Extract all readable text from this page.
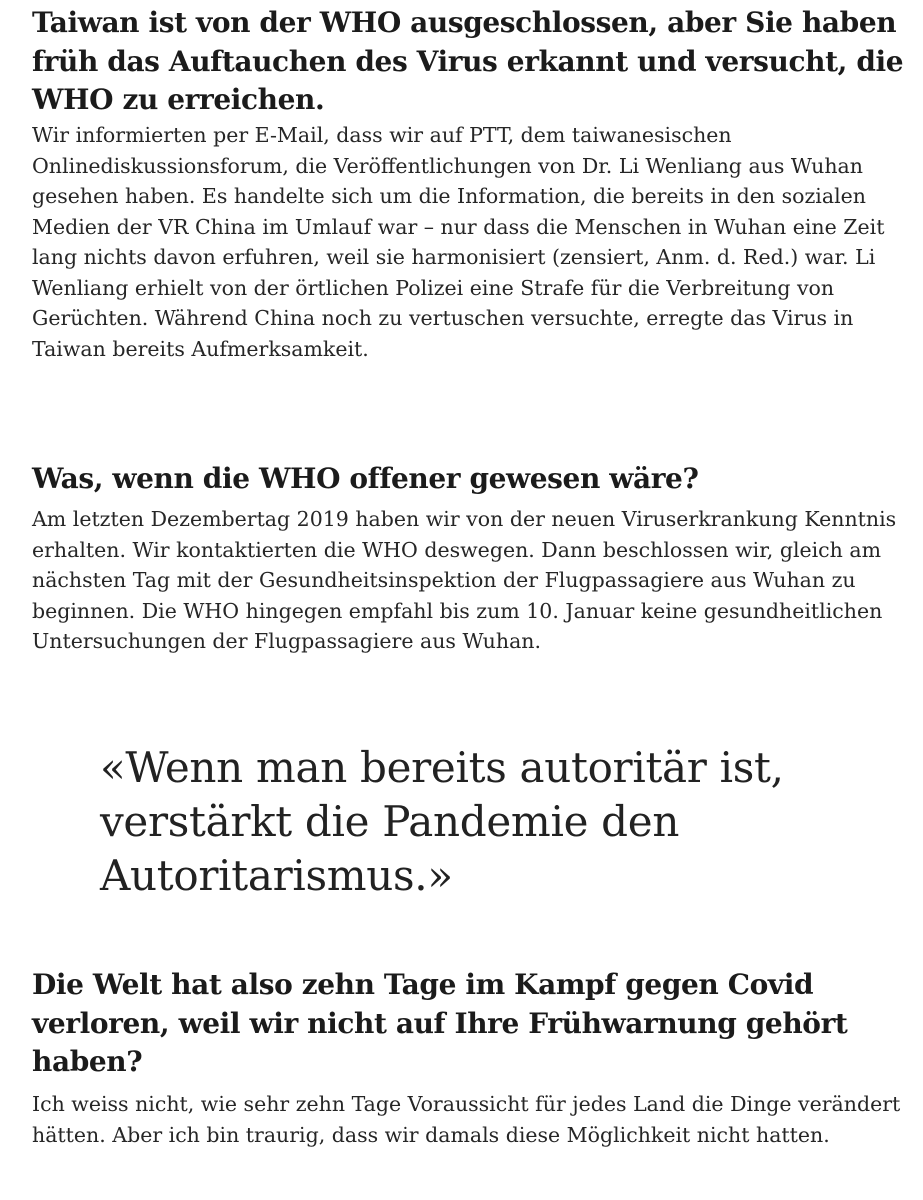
Taiwan ist von der WHO ausgeschlossen, aber Sie haben früh das Auftauchen des Virus erkannt und versucht, die WHO zu erreichen.

Wir informierten per E-Mail, dass wir auf PTT, dem taiwanesischen Onlinediskussionsforum, die Veröffentlichungen von Dr. Li Wenliang aus Wuhan gesehen haben. Es handelte sich um die Information, die bereits in den sozialen Medien der VR China im Umlauf war – nur dass die Menschen in Wuhan eine Zeit lang nichts davon erfuhren, weil sie harmonisiert (zensiert, Anm. d. Red.) war. Li Wenliang erhielt von der örtlichen Polizei eine Strafe für die Verbreitung von Gerüchten. Während China noch zu vertuschen versuchte, erregte das Virus in Taiwan bereits Aufmerksamkeit.

Was, wenn die WHO offener gewesen wäre?

Am letzten Dezembertag 2019 haben wir von der neuen Viruserkrankung Kenntnis erhalten. Wir kontaktierten die WHO deswegen. Dann beschlossen wir, gleich am nächsten Tag mit der Gesundheitsinspektion der Flugpassagiere aus Wuhan zu beginnen. Die WHO hingegen empfahl bis zum 10. Januar keine gesundheitlichen Untersuchungen der Flugpassagiere aus Wuhan.

«Wenn man bereits autoritär ist, verstärkt die Pandemie den Autoritarismus.»
Die Welt hat also zehn Tage im Kampf gegen Covid verloren, weil wir nicht auf Ihre Frühwarnung gehört haben?

Ich weiss nicht, wie sehr zehn Tage Voraussicht für jedes Land die Dinge verändert hätten. Aber ich bin traurig, dass wir damals diese Möglichkeit nicht hatten.
